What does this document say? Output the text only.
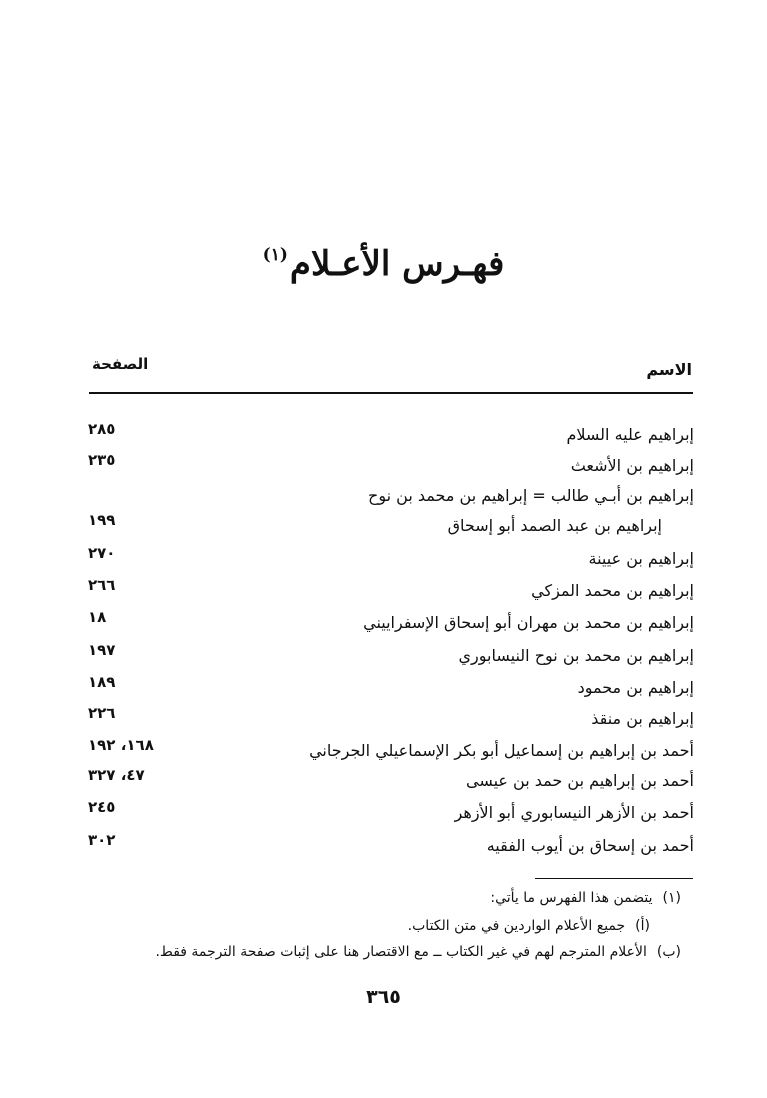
فهـرس الأعـلام$^{(١)}$
الاسم
الصفحة
إبراهيم عليه السلام
٢٨٥
إبراهيم بن الأشعث
٢٣٥
إبراهيم بن أبـي طالب = إبراهيم بن محمد بن نوح
إبراهيم بن عبد الصمد أبو إسحاق
١٩٩
إبراهيم بن عيينة
٢٧٠
إبراهيم بن محمد المزكي
٢٦٦
إبراهيم بن محمد بن مهران أبو إسحاق الإسفراييني
١٨
إبراهيم بن محمد بن نوح النيسابوري
١٩٧
إبراهيم بن محمود
١٨٩
إبراهيم بن منقذ
٢٢٦
أحمد بن إبراهيم بن إسماعيل أبو بكر الإسماعيلي الجرجاني
١٦٨، ١٩٢
أحمد بن إبراهيم بن حمد بن عيسى
٤٧، ٣٢٧
أحمد بن الأزهر النيسابوري أبو الأزهر
٢٤٥
أحمد بن إسحاق بن أيوب الفقيه
٣٠٢
(١)يتضمن هذا الفهرس ما يأتي:
(أ)جميع الأعلام الواردين في متن الكتاب.
(ب)الأعلام المترجم لهم في غير الكتاب ــ مع الاقتصار هنا على إثبات صفحة الترجمة فقط.
٣٦٥
